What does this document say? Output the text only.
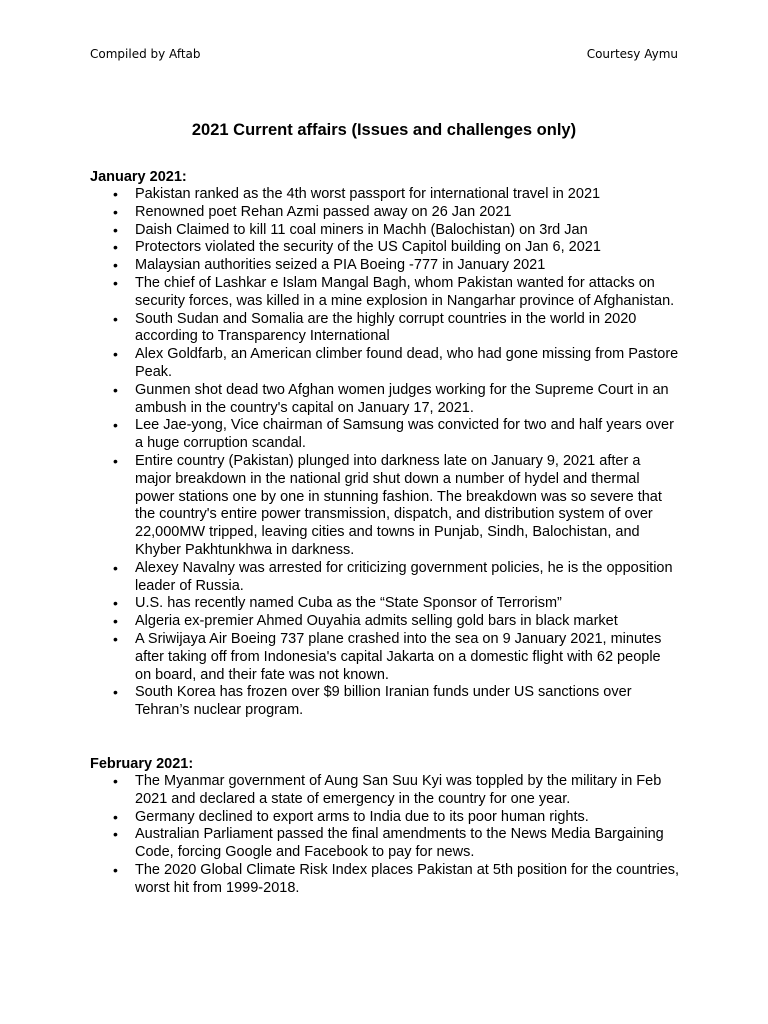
Compiled by Aftab	Courtesy Aymu
2021 Current affairs (Issues and challenges only)
January 2021:
• Pakistan ranked as the 4th worst passport for international travel in 2021
• Renowned poet Rehan Azmi passed away on 26 Jan 2021
• Daish Claimed to kill 11 coal miners in Machh (Balochistan) on 3rd Jan
• Protectors violated the security of the US Capitol building on Jan 6, 2021
• Malaysian authorities seized a PIA Boeing -777 in January 2021
• The chief of Lashkar e Islam Mangal Bagh, whom Pakistan wanted for attacks on security forces, was killed in a mine explosion in Nangarhar province of Afghanistan.
• South Sudan and Somalia are the highly corrupt countries in the world in 2020 according to Transparency International
• Alex Goldfarb, an American climber found dead, who had gone missing from Pastore Peak.
• Gunmen shot dead two Afghan women judges working for the Supreme Court in an ambush in the country's capital on January 17, 2021.
• Lee Jae-yong, Vice chairman of Samsung was convicted for two and half years over a huge corruption scandal.
• Entire country (Pakistan) plunged into darkness late on January 9, 2021 after a major breakdown in the national grid shut down a number of hydel and thermal power stations one by one in stunning fashion. The breakdown was so severe that the country's entire power transmission, dispatch, and distribution system of over 22,000MW tripped, leaving cities and towns in Punjab, Sindh, Balochistan, and Khyber Pakhtunkhwa in darkness.
• Alexey Navalny was arrested for criticizing government policies, he is the opposition leader of Russia.
• U.S. has recently named Cuba as the “State Sponsor of Terrorism”
• Algeria ex-premier Ahmed Ouyahia admits selling gold bars in black market
• A Sriwijaya Air Boeing 737 plane crashed into the sea on 9 January 2021, minutes after taking off from Indonesia's capital Jakarta on a domestic flight with 62 people on board, and their fate was not known.
• South Korea has frozen over $9 billion Iranian funds under US sanctions over Tehran’s nuclear program.
February 2021:
• The Myanmar government of Aung San Suu Kyi was toppled by the military in Feb 2021 and declared a state of emergency in the country for one year.
• Germany declined to export arms to India due to its poor human rights.
• Australian Parliament passed the final amendments to the News Media Bargaining Code, forcing Google and Facebook to pay for news.
• The 2020 Global Climate Risk Index places Pakistan at 5th position for the countries, worst hit from 1999-2018.
